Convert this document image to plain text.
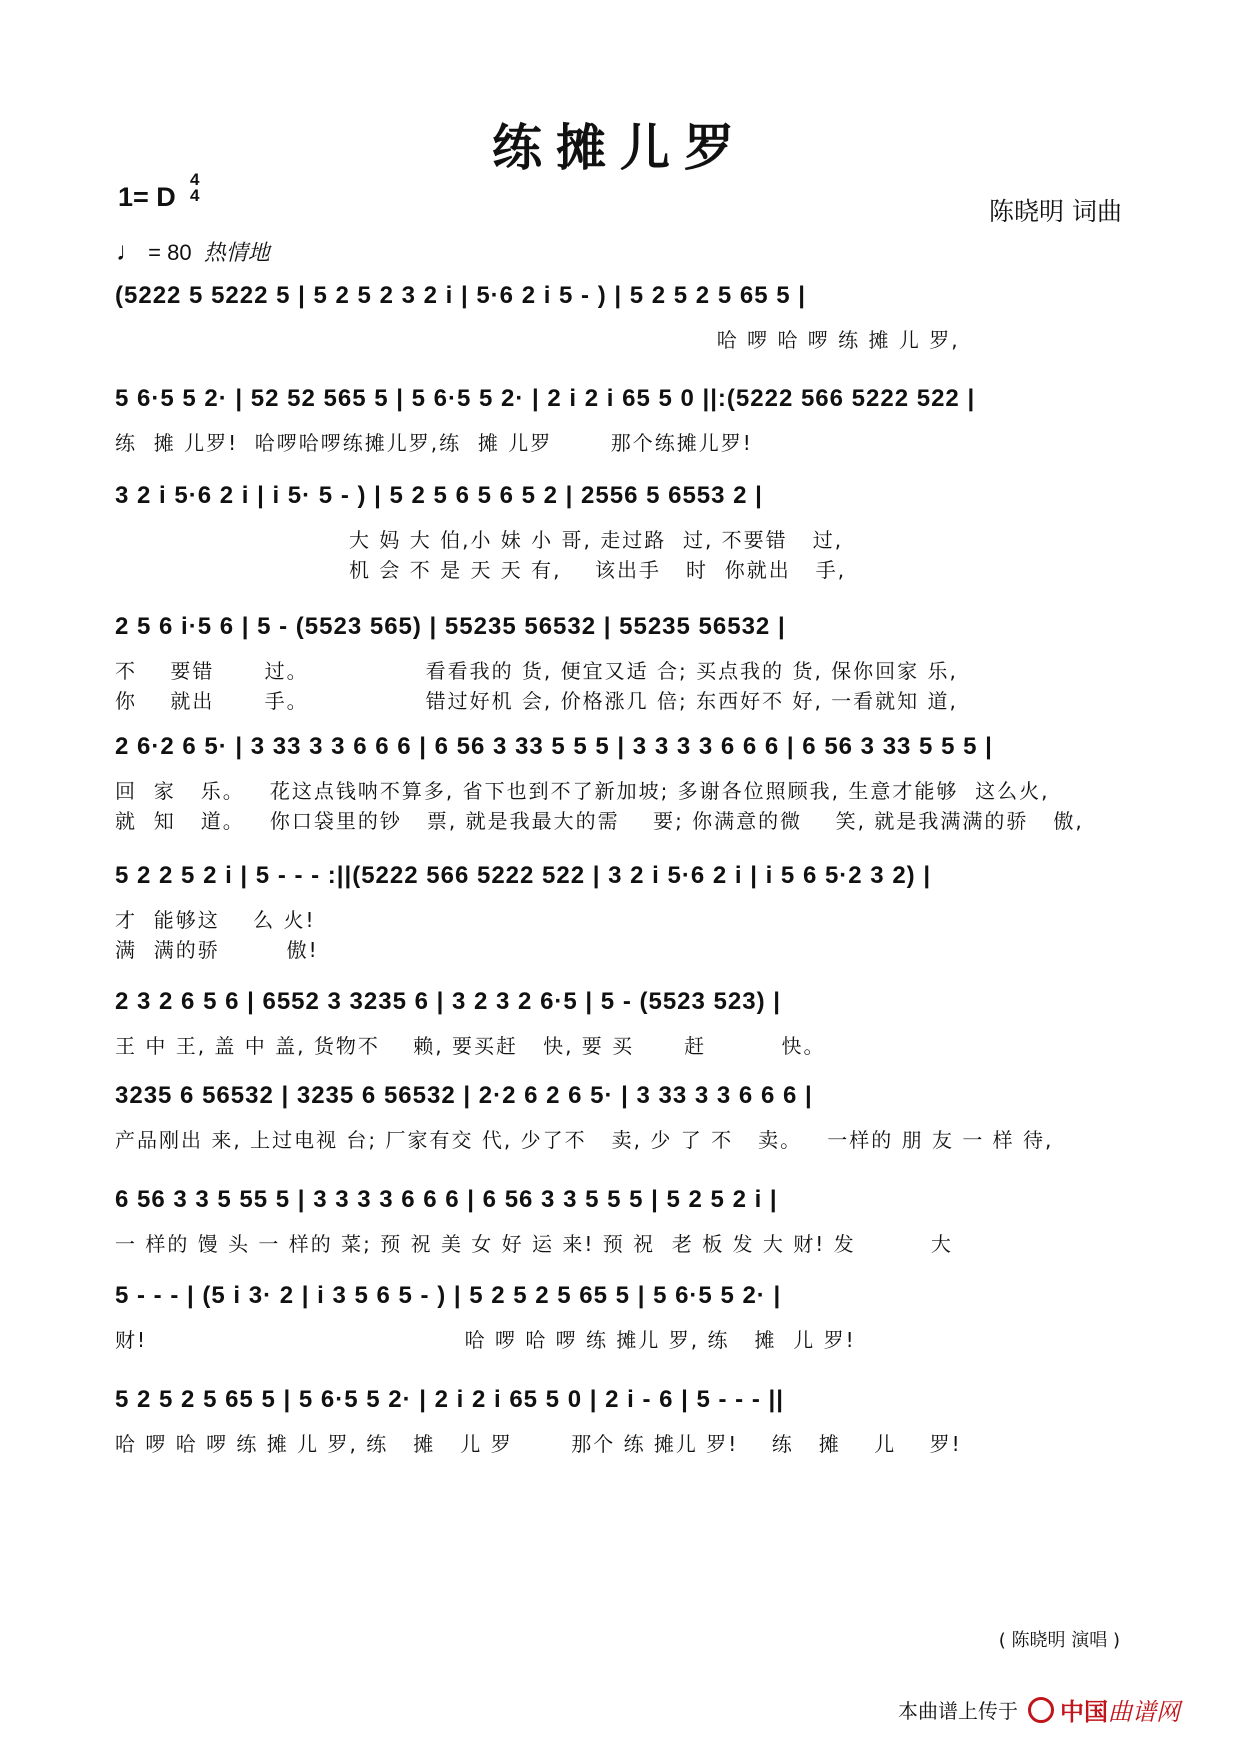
练摊儿罗
1= D
4
4
♩ = 80 热情地
陈晓明 词曲
(5222 5 5222 5 | 5 2 5 2 3 2 i | 5·6 2 i 5 - ) | 5 2 5 2 5 65 5 |
哈 啰 哈 啰 练 摊 儿 罗,
5 6·5 5 2· | 52 52 565 5 | 5 6·5 5 2· | 2 i 2 i 65 5 0 ||:(5222 566 5222 522 |
练  摊 儿罗!  哈啰哈啰练摊儿罗,练  摊 儿罗       那个练摊儿罗!
3 2 i 5·6 2 i | i 5· 5 - ) | 5 2 5 6 5 6 5 2 | 2556 5 6553 2 |
大 妈 大 伯,小 妹 小 哥, 走过路  过, 不要错   过,
机 会 不 是 天 天 有,    该出手   时  你就出   手,
2 5 6 i·5 6 | 5 - (5523 565) | 55235 56532 | 55235 56532 |
不    要错      过。              看看我的 货, 便宜又适 合; 买点我的 货, 保你回家 乐,
你    就出      手。              错过好机 会, 价格涨几 倍; 东西好不 好, 一看就知 道,
2 6·2 6 5· | 3 33 3 3 6 6 6 | 6 56 3 33 5 5 5 | 3 3 3 3 6 6 6 | 6 56 3 33 5 5 5 |
回  家   乐。   花这点钱呐不算多, 省下也到不了新加坡; 多谢各位照顾我, 生意才能够  这么火,
就  知   道。   你口袋里的钞   票, 就是我最大的需    要; 你满意的微    笑, 就是我满满的骄   傲,
5 2 2 5 2 i | 5 - - - :||(5222 566 5222 522 | 3 2 i 5·6 2 i | i 5 6 5·2 3 2) |
才  能够这    么 火!
满  满的骄        傲!
2 3 2 6 5 6 | 6552 3 3235 6 | 3 2 3 2 6·5 | 5 - (5523 523) |
王 中 王, 盖 中 盖, 货物不    赖, 要买赶   快, 要 买      赶         快。
3235 6 56532 | 3235 6 56532 | 2·2 6 2 6 5· | 3 33 3 3 6 6 6 |
产品刚出 来, 上过电视 台; 厂家有交 代, 少了不   卖, 少 了 不   卖。   一样的 朋 友 一 样 待,
6 56 3 3 5 55 5 | 3 3 3 3 6 6 6 | 6 56 3 3 5 5 5 | 5 2 5 2 i |
一 样的 馒 头 一 样的 菜; 预 祝 美 女 好 运 来! 预 祝  老 板 发 大 财! 发         大
5 - - - | (5 i 3· 2 | i 3 5 6 5 - ) | 5 2 5 2 5 65 5 | 5 6·5 5 2· |
财!                                      哈 啰 哈 啰 练 摊儿 罗, 练   摊  儿 罗!
5 2 5 2 5 65 5 | 5 6·5 5 2· | 2 i 2 i 65 5 0 | 2 i - 6 | 5 - - - ||
哈 啰 哈 啰 练 摊 儿 罗, 练   摊   儿 罗       那个 练 摊儿 罗!    练   摊    儿    罗!
( 陈晓明 演唱 )
本曲谱上传于 中国 曲谱网
